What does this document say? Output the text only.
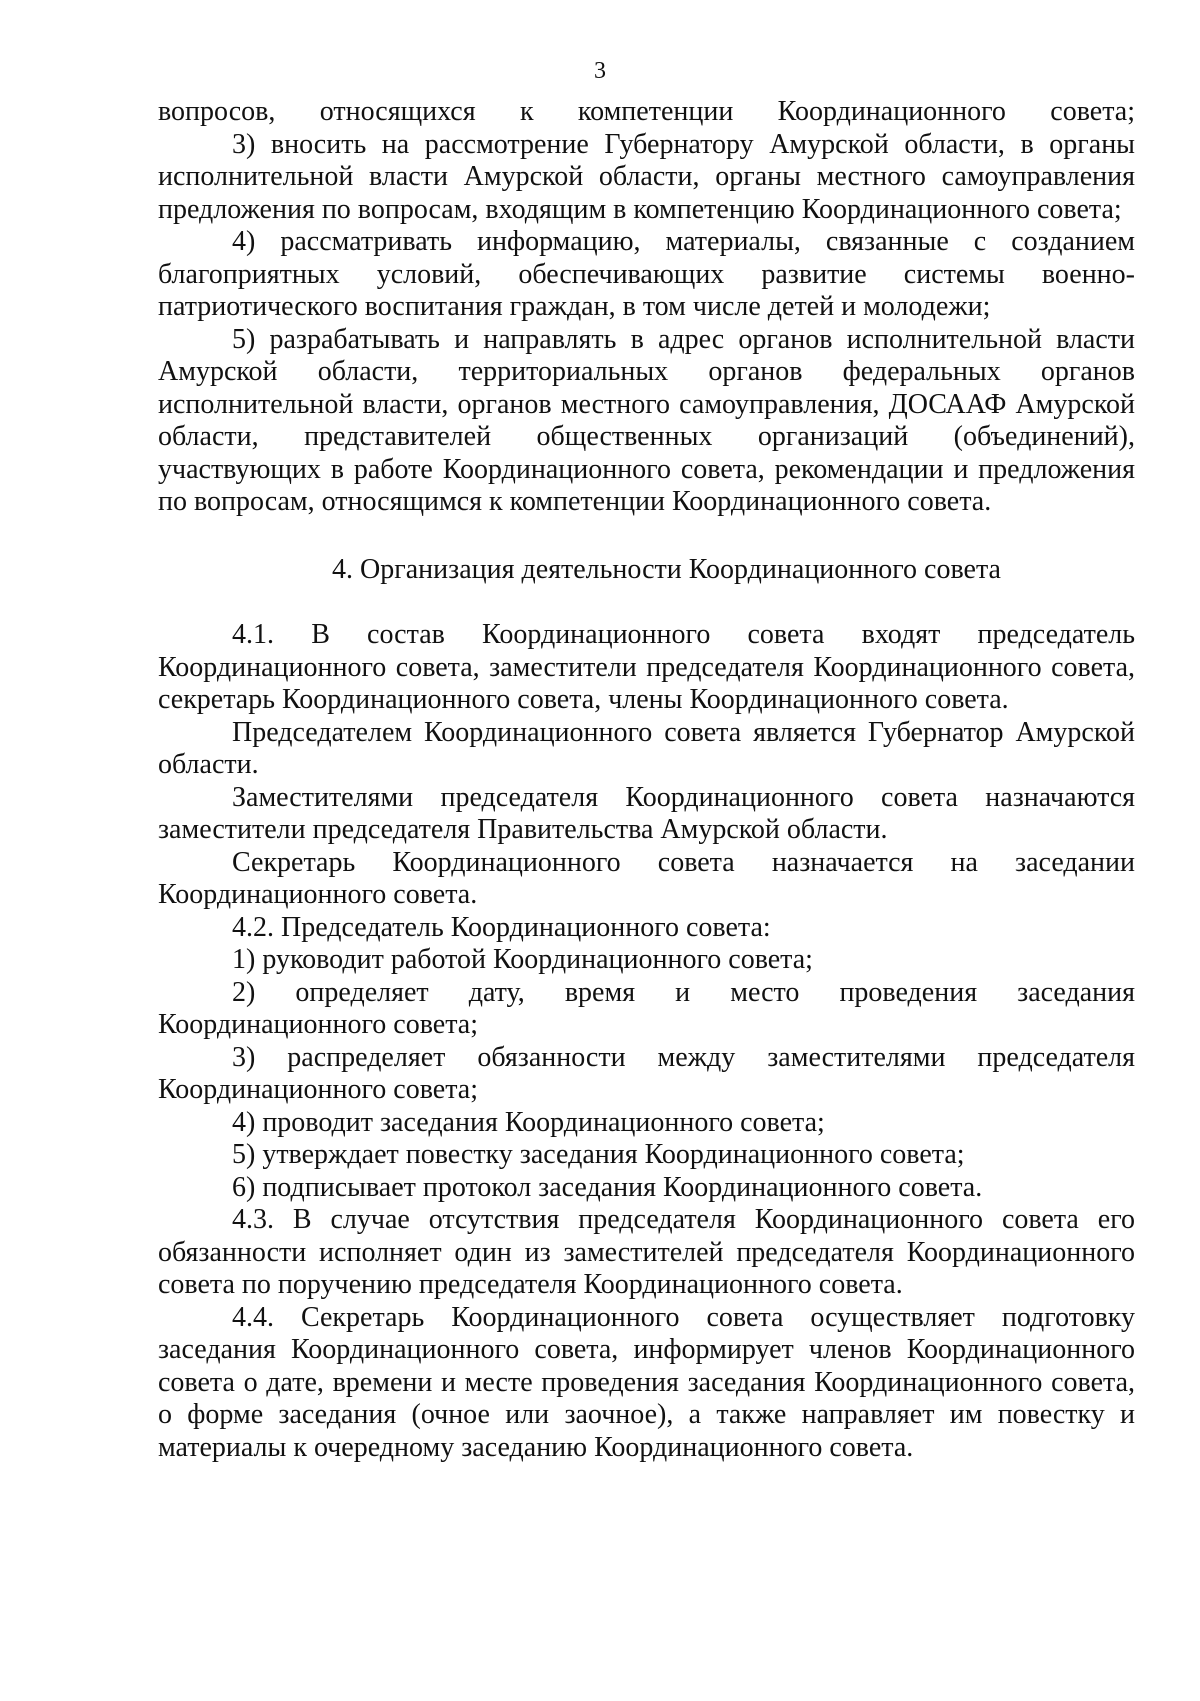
3

вопросов, относящихся к компетенции Координационного совета;

3) вносить на рассмотрение Губернатору Амурской области, в органы исполнительной власти Амурской области, органы местного самоуправления предложения по вопросам, входящим в компетенцию Координационного совета;

4) рассматривать информацию, материалы, связанные с созданием благоприятных условий, обеспечивающих развитие системы военно-патриотического воспитания граждан, в том числе детей и молодежи;

5) разрабатывать и направлять в адрес органов исполнительной власти Амурской области, территориальных органов федеральных органов исполнительной власти, органов местного самоуправления, ДОСААФ Амурской области, представителей общественных организаций (объединений), участвующих в работе Координационного совета, рекомендации и предложения по вопросам, относящимся к компетенции Координационного совета.

4. Организация деятельности Координационного совета

4.1. В состав Координационного совета входят председатель Координационного совета, заместители председателя Координационного совета, секретарь Координационного совета, члены Координационного совета.

Председателем Координационного совета является Губернатор Амурской области.

Заместителями председателя Координационного совета назначаются заместители председателя Правительства Амурской области.

Секретарь Координационного совета назначается на заседании Координационного совета.

4.2. Председатель Координационного совета:

1) руководит работой Координационного совета;

2) определяет дату, время и место проведения заседания Координационного совета;

3) распределяет обязанности между заместителями председателя Координационного совета;

4) проводит заседания Координационного совета;

5) утверждает повестку заседания Координационного совета;

6) подписывает протокол заседания Координационного совета.

4.3. В случае отсутствия председателя Координационного совета его обязанности исполняет один из заместителей председателя Координационного совета по поручению председателя Координационного совета.

4.4. Секретарь Координационного совета осуществляет подготовку заседания Координационного совета, информирует членов Координационного совета о дате, времени и месте проведения заседания Координационного совета, о форме заседания (очное или заочное), а также направляет им повестку и материалы к очередному заседанию Координационного совета.
